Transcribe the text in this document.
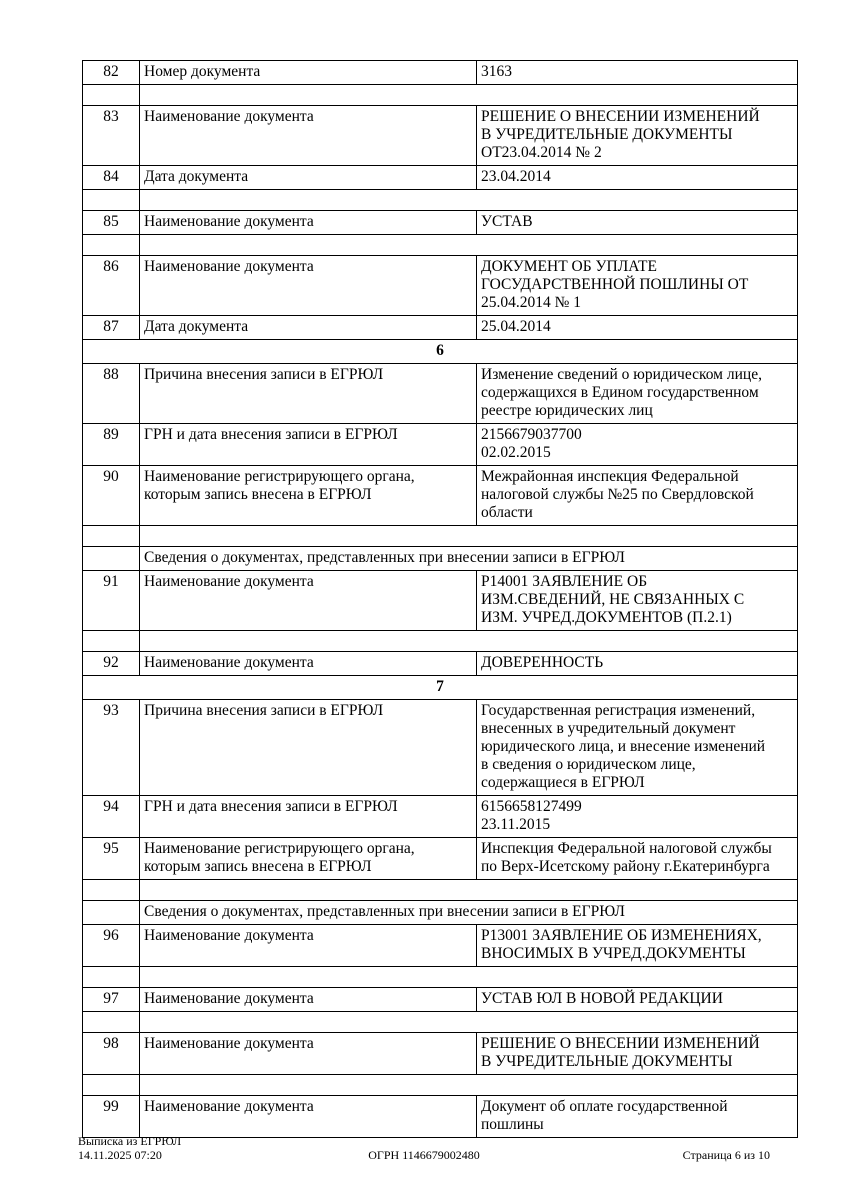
82	Номер документа	3163

83	Наименование документа	РЕШЕНИЕ О ВНЕСЕНИИ ИЗМЕНЕНИЙ
В УЧРЕДИТЕЛЬНЫЕ ДОКУМЕНТЫ
ОТ23.04.2014 № 2
84	Дата документа	23.04.2014

85	Наименование документа	УСТАВ

86	Наименование документа	ДОКУМЕНТ ОБ УПЛАТЕ
ГОСУДАРСТВЕННОЙ ПОШЛИНЫ ОТ
25.04.2014 № 1
87	Дата документа	25.04.2014
6		
88	Причина внесения записи в ЕГРЮЛ	Изменение сведений о юридическом лице,
содержащихся в Едином государственном
реестре юридических лиц
89	ГРН и дата внесения записи в ЕГРЮЛ	2156679037700
02.02.2015
90	Наименование регистрирующего органа, которым запись внесена в ЕГРЮЛ	Межрайонная инспекция Федеральной
налоговой службы №25 по Свердловской
области

	Сведения о документах, представленных при внесении записи в ЕГРЮЛ	
91	Наименование документа	Р14001 ЗАЯВЛЕНИЕ ОБ
ИЗМ.СВЕДЕНИЙ, НЕ СВЯЗАННЫХ С
ИЗМ. УЧРЕД.ДОКУМЕНТОВ (П.2.1)

92	Наименование документа	ДОВЕРЕННОСТЬ
7		
93	Причина внесения записи в ЕГРЮЛ	Государственная регистрация изменений,
внесенных в учредительный документ
юридического лица, и внесение изменений
в сведения о юридическом лице,
содержащиеся в ЕГРЮЛ
94	ГРН и дата внесения записи в ЕГРЮЛ	6156658127499
23.11.2015
95	Наименование регистрирующего органа, которым запись внесена в ЕГРЮЛ	Инспекция Федеральной налоговой службы
по Верх-Исетскому району г.Екатеринбурга

	Сведения о документах, представленных при внесении записи в ЕГРЮЛ	
96	Наименование документа	Р13001 ЗАЯВЛЕНИЕ ОБ ИЗМЕНЕНИЯХ,
ВНОСИМЫХ В УЧРЕД.ДОКУМЕНТЫ

97	Наименование документа	УСТАВ ЮЛ В НОВОЙ РЕДАКЦИИ

98	Наименование документа	РЕШЕНИЕ О ВНЕСЕНИИ ИЗМЕНЕНИЙ
В УЧРЕДИТЕЛЬНЫЕ ДОКУМЕНТЫ

99	Наименование документа	Документ об оплате государственной
пошлины
Выписка из ЕГРЮЛ
14.11.2025 07:20	ОГРН 1146679002480	Страница 6 из 10
